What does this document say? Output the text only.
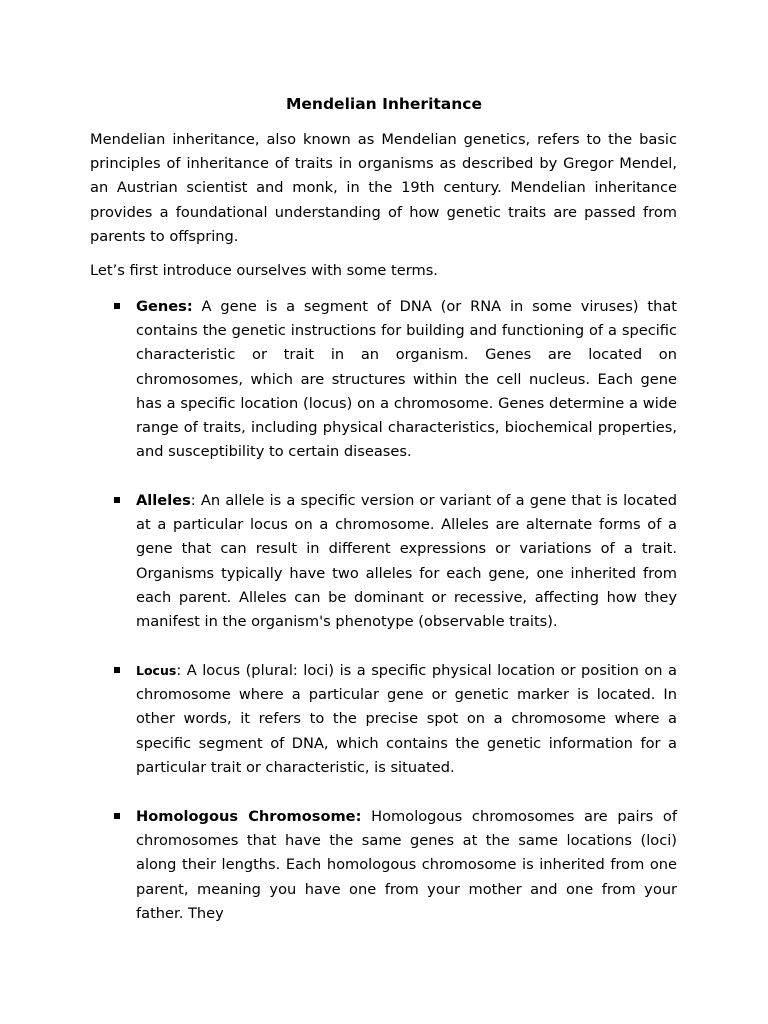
Mendelian Inheritance

Mendelian inheritance, also known as Mendelian genetics, refers to the basic principles of inheritance of traits in organisms as described by Gregor Mendel, an Austrian scientist and monk, in the 19th century. Mendelian inheritance provides a foundational understanding of how genetic traits are passed from parents to offspring.

Let’s first introduce ourselves with some terms.

Genes: A gene is a segment of DNA (or RNA in some viruses) that contains the genetic instructions for building and functioning of a specific characteristic or trait in an organism. Genes are located on chromosomes, which are structures within the cell nucleus. Each gene has a specific location (locus) on a chromosome. Genes determine a wide range of traits, including physical characteristics, biochemical properties, and susceptibility to certain diseases.

Alleles: An allele is a specific version or variant of a gene that is located at a particular locus on a chromosome. Alleles are alternate forms of a gene that can result in different expressions or variations of a trait. Organisms typically have two alleles for each gene, one inherited from each parent. Alleles can be dominant or recessive, affecting how they manifest in the organism's phenotype (observable traits).

Locus: A locus (plural: loci) is a specific physical location or position on a chromosome where a particular gene or genetic marker is located. In other words, it refers to the precise spot on a chromosome where a specific segment of DNA, which contains the genetic information for a particular trait or characteristic, is situated.

Homologous Chromosome: Homologous chromosomes are pairs of chromosomes that have the same genes at the same locations (loci) along their lengths. Each homologous chromosome is inherited from one parent, meaning you have one from your mother and one from your father. They
